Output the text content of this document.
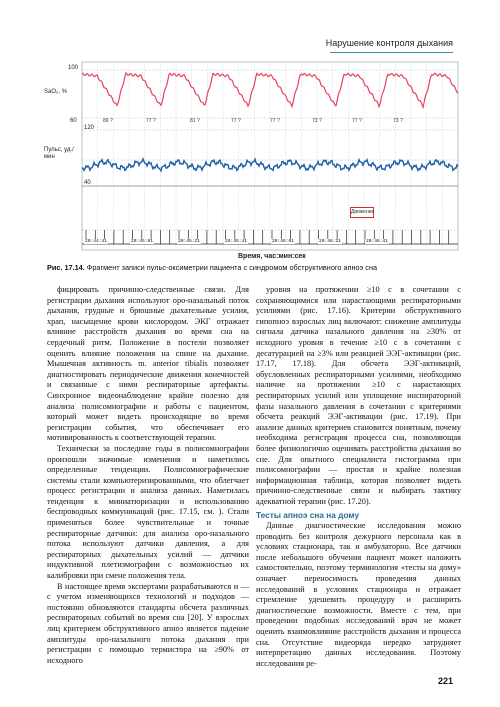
Нарушение контроля дыхания
100
SaO₂, %
60
120
Пульс, уд./мин
40
80 ?	77 ?	81 ?	77 ?	77 ?	73 ?	77 ?	73 ?
Движение
20:44:41	20:45:01	20:45:21	20:45:41	20:46:01	20:46:21	20:46:41
Время, час:мин:сек
Рис. 17.14. Фрагмент записи пульс-оксиметрии пациента с синдромом обструктивного апноэ сна

фицировать причинно-следственные связи. Для регистрации дыхания используют оро-назальный поток дыхания, грудные и брюшные дыхательные усилия, храп, насыщение крови кислородом. ЭКГ отражает влияние расстройств дыхания во время сна на сердечный ритм. Положение в постели позволяет оценить влияние положения на спине на дыхание. Мышечная активность m. anterior tibialis позволяет диагностировать периодические движения конечностей и связанные с ними респираторные артефакты. Синхронное видеонаблюдение крайне полезно для анализа полисомнографии и работы с пациентом, который может видеть происходящие во время регистрации события, что обеспечивает его мотивированность к соответствующей терапии.

Технически за последние годы в полисомнографии произошли значимые изменения и наметились определенные тенденции. Полисомнографические системы стали компьютеризированными, что облегчает процесс регистрации и анализа данных. Наметилась тенденция к миниатюризации и использованию беспроводных коммуникаций (рис. 17.15, см. ). Стали применяться более чувствительные и точные респираторные датчики: для анализа оро-назального потока используют датчики давления, а для респираторных дыхательных усилий — датчики индуктивной плетизмографии с возможностью их калибровки при смене положения тела.

В настоящее время экспертами разрабатываются и — с учетом изменяющихся технологий и подходов — постоянно обновляются стандарты обсчета различных респираторных событий во время сна [20]. У взрослых лиц критерием обструктивного апноэ является падение амплитуды оро-назального потока дыхания при регистрации с помощью термистора на ≥90% от исходного

уровня на протяжении ≥10 с в сочетании с сохраняющимися или нарастающими респираторными усилиями (рис. 17.16). Критерии обструктивного гипопноэ взрослых лиц включают: снижение амплитуды сигнала датчика назального давления на ≥30% от исходного уровня в течение ≥10 с в сочетании с десатурацией на ≥3% или реакцией ЭЭГ-активации (рис. 17.17, 17.18). Для обсчета ЭЭГ-активаций, обусловленных респираторными усилиями, необходимо наличие на протяжении ≥10 с нарастающих респираторных усилий или уплощение инспираторной фазы назального давления в сочетании с критериями обсчета реакций ЭЭГ-активации (рис. 17.19). При анализе данных критериев становится понятным, почему необходима регистрация процесса сна, позволяющая более физиологично оценивать расстройства дыхания во сне. Для опытного специалиста гистограмма при полисомнографии — простая и крайне полезная информационная таблица, которая позволяет видеть причинно-следственные связи и выбирать тактику адекватной терапии (рис. 17.20).

Тесты апноэ сна на дому

Данные диагностические исследования можно проводить без контроля дежурного персонала как в условиях стационара, так и амбулаторно. Все датчики после небольшого обучения пациент может наложить самостоятельно, поэтому терминология «тесты на дому» означает переносимость проведения данных исследований в условиях стационара и отражает стремление удешевить процедуру и расширить диагностические возможности. Вместе с тем, при проведении подобных исследований врач не может оценить взаимовлияние расстройств дыхания и процесса сна. Отсутствие видеоряда нередко затрудняет интерпретацию данных исследования. Поэтому исследования ре-

221
